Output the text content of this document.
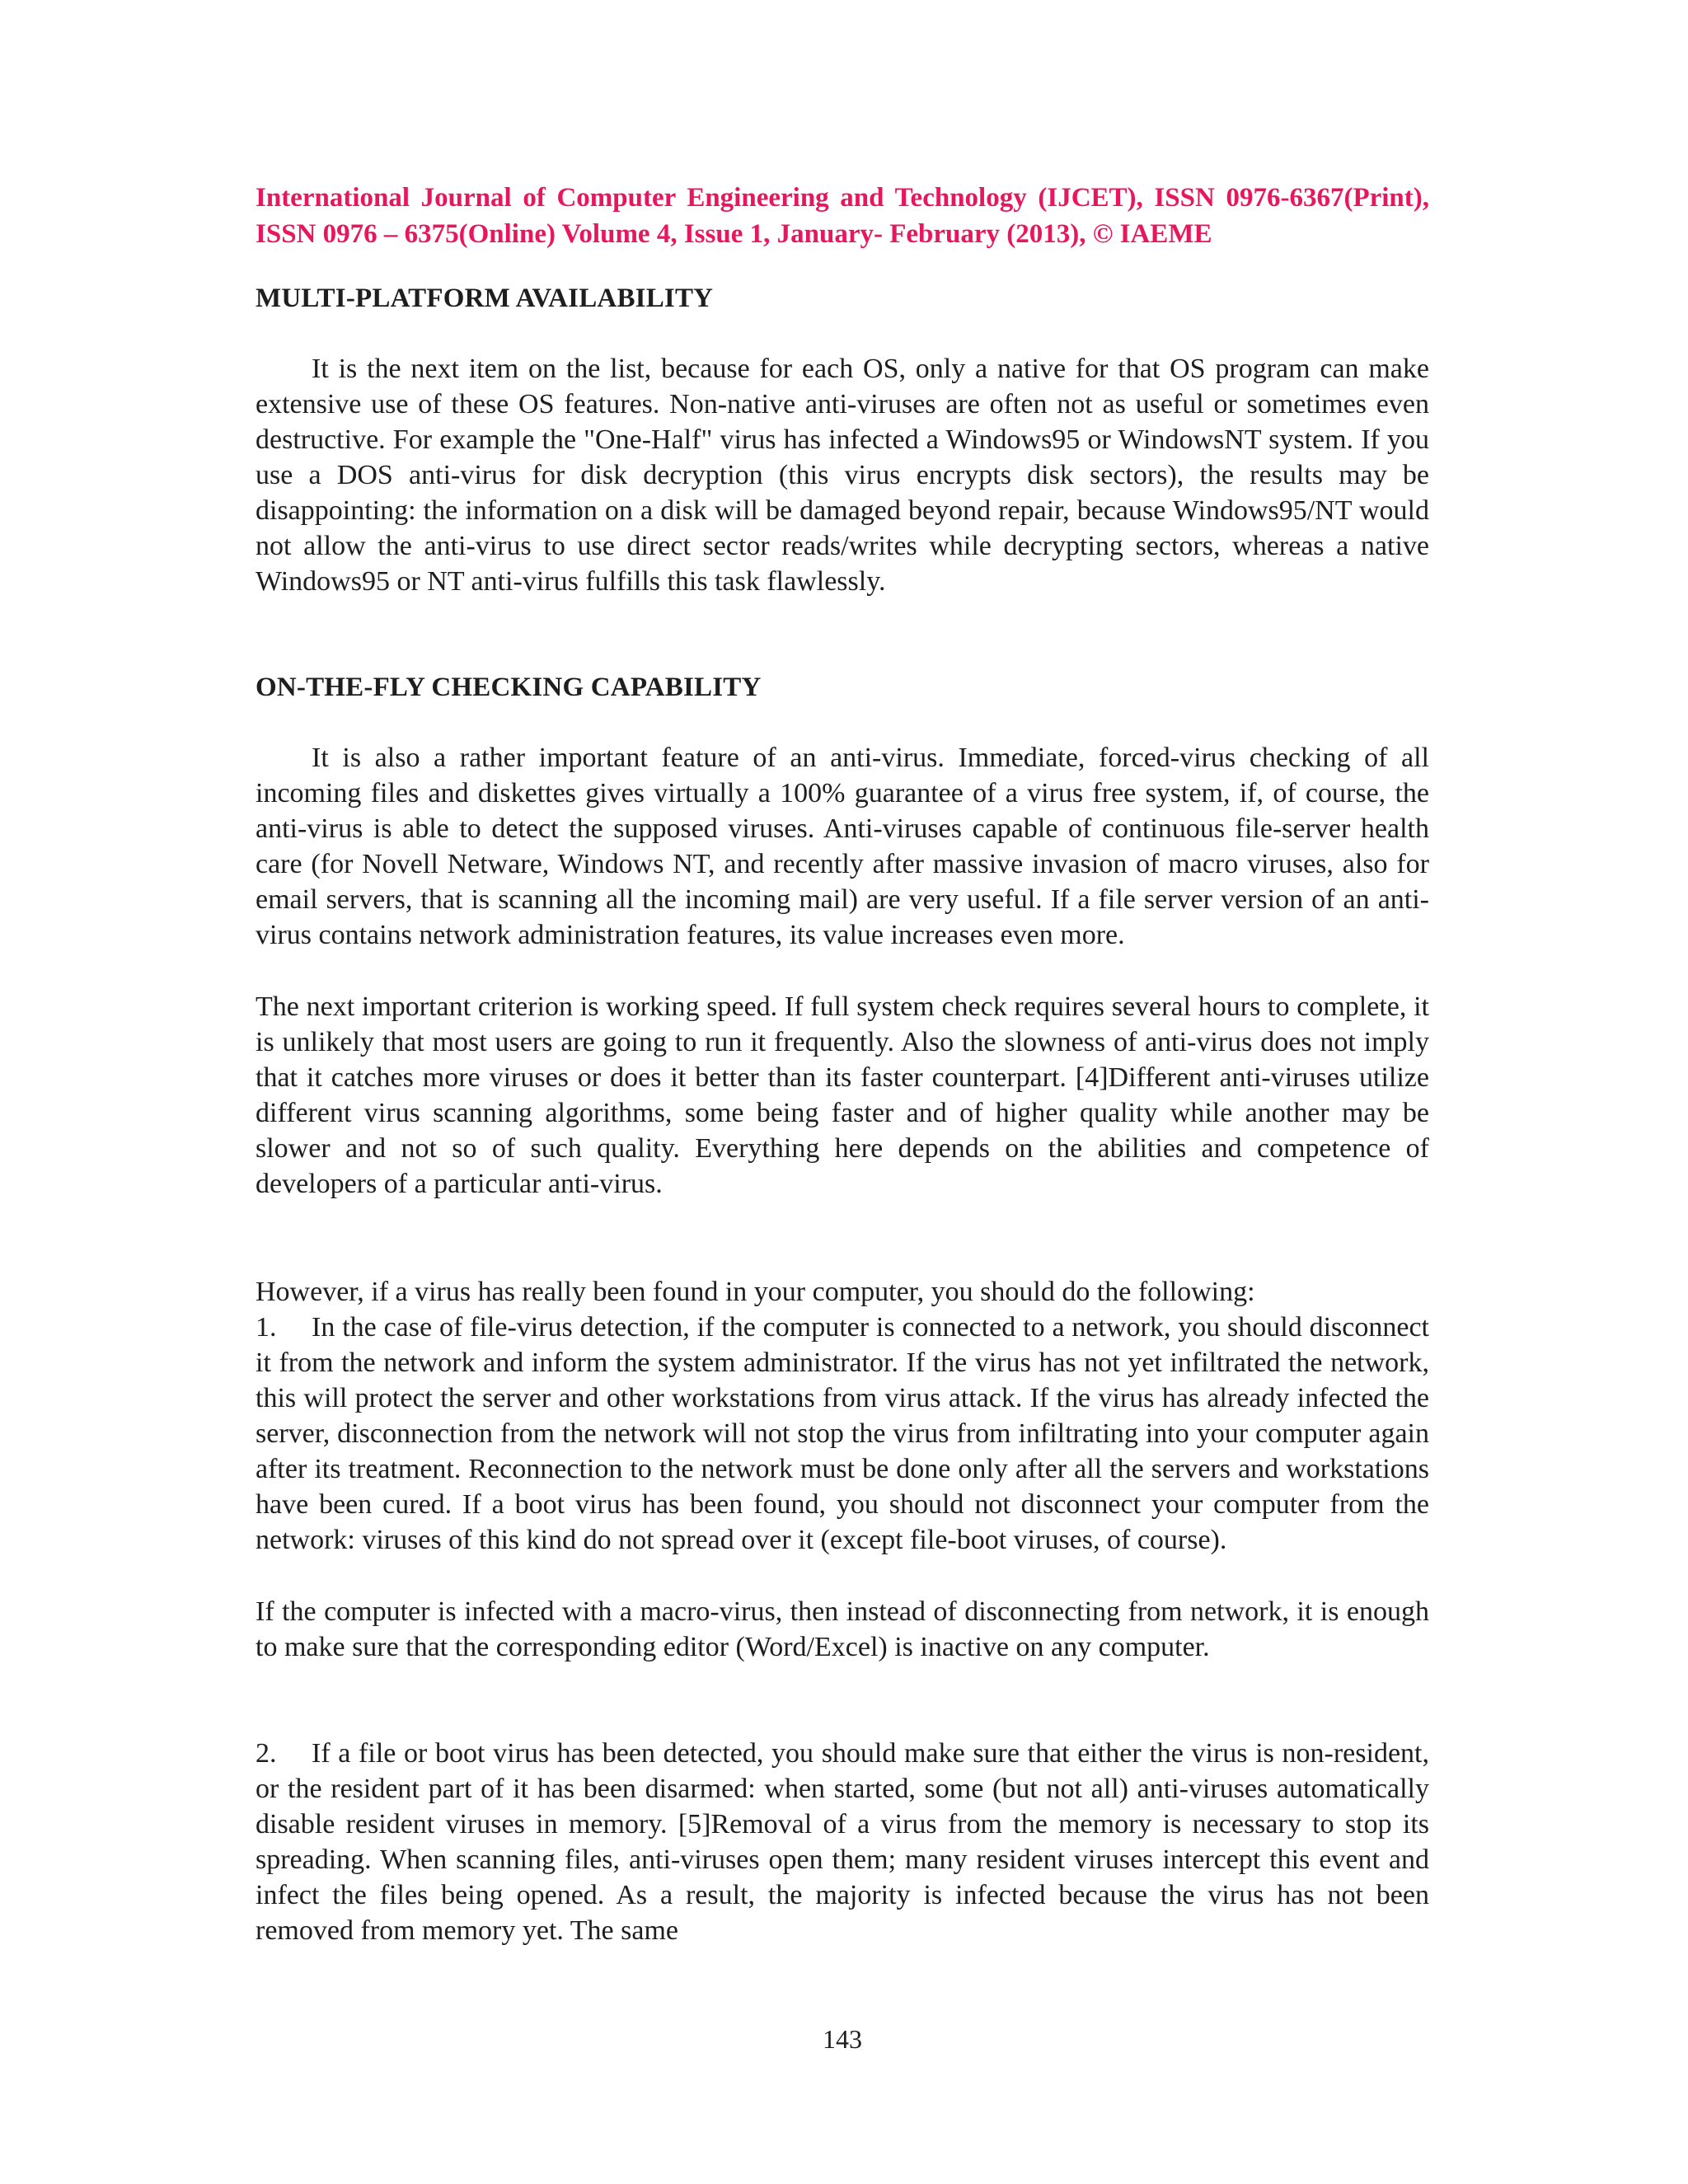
International Journal of Computer Engineering and Technology (IJCET), ISSN 0976-6367(Print), ISSN 0976 – 6375(Online) Volume 4, Issue 1, January- February (2013), © IAEME

MULTI-PLATFORM AVAILABILITY

It is the next item on the list, because for each OS, only a native for that OS program can make extensive use of these OS features. Non-native anti-viruses are often not as useful or sometimes even destructive. For example the "One-Half" virus has infected a Windows95 or WindowsNT system. If you use a DOS anti-virus for disk decryption (this virus encrypts disk sectors), the results may be disappointing: the information on a disk will be damaged beyond repair, because Windows95/NT would not allow the anti-virus to use direct sector reads/writes while decrypting sectors, whereas a native Windows95 or NT anti-virus fulfills this task flawlessly.

ON-THE-FLY CHECKING CAPABILITY

It is also a rather important feature of an anti-virus. Immediate, forced-virus checking of all incoming files and diskettes gives virtually a 100% guarantee of a virus free system, if, of course, the anti-virus is able to detect the supposed viruses. Anti-viruses capable of continuous file-server health care (for Novell Netware, Windows NT, and recently after massive invasion of macro viruses, also for email servers, that is scanning all the incoming mail) are very useful. If a file server version of an anti-virus contains network administration features, its value increases even more.

The next important criterion is working speed. If full system check requires several hours to complete, it is unlikely that most users are going to run it frequently. Also the slowness of anti-virus does not imply that it catches more viruses or does it better than its faster counterpart. [4]Different anti-viruses utilize different virus scanning algorithms, some being faster and of higher quality while another may be slower and not so of such quality. Everything here depends on the abilities and competence of developers of a particular anti-virus.

However, if a virus has really been found in your computer, you should do the following:

1. In the case of file-virus detection, if the computer is connected to a network, you should disconnect it from the network and inform the system administrator. If the virus has not yet infiltrated the network, this will protect the server and other workstations from virus attack. If the virus has already infected the server, disconnection from the network will not stop the virus from infiltrating into your computer again after its treatment. Reconnection to the network must be done only after all the servers and workstations have been cured. If a boot virus has been found, you should not disconnect your computer from the network: viruses of this kind do not spread over it (except file-boot viruses, of course).

If the computer is infected with a macro-virus, then instead of disconnecting from network, it is enough to make sure that the corresponding editor (Word/Excel) is inactive on any computer.

2. If a file or boot virus has been detected, you should make sure that either the virus is non-resident, or the resident part of it has been disarmed: when started, some (but not all) anti-viruses automatically disable resident viruses in memory. [5]Removal of a virus from the memory is necessary to stop its spreading. When scanning files, anti-viruses open them; many resident viruses intercept this event and infect the files being opened. As a result, the majority is infected because the virus has not been removed from memory yet. The same

143
